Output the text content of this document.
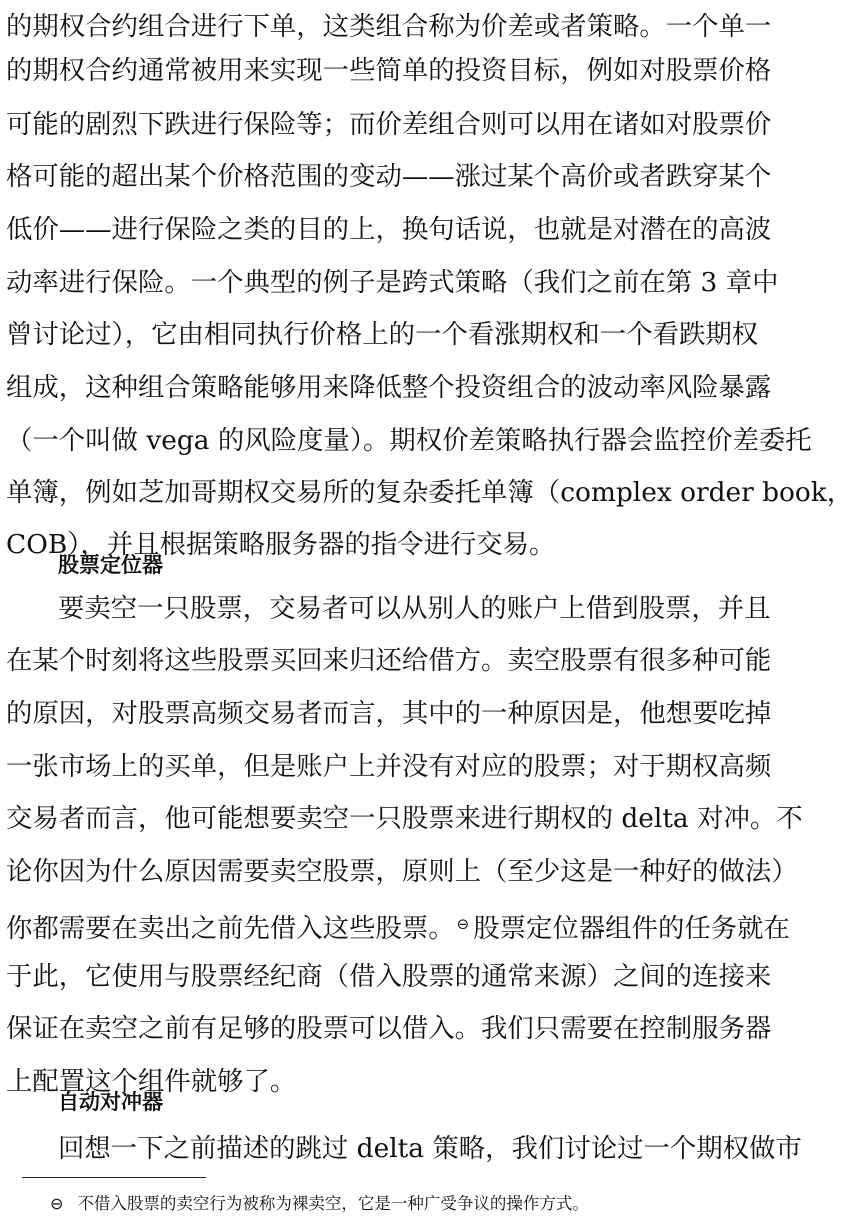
的期权合约组合进行下单，这类组合称为价差或者策略。一个单一
的期权合约通常被用来实现一些简单的投资目标，例如对股票价格
可能的剧烈下跌进行保险等；而价差组合则可以用在诸如对股票价
格可能的超出某个价格范围的变动——涨过某个高价或者跌穿某个
低价——进行保险之类的目的上，换句话说，也就是对潜在的高波
动率进行保险。一个典型的例子是跨式策略（我们之前在第 3 章中
曾讨论过），它由相同执行价格上的一个看涨期权和一个看跌期权
组成，这种组合策略能够用来降低整个投资组合的波动率风险暴露
（一个叫做 vega 的风险度量）。期权价差策略执行器会监控价差委托
单簿，例如芝加哥期权交易所的复杂委托单簿（complex order book，
COB），并且根据策略服务器的指令进行交易。
股票定位器
要卖空一只股票，交易者可以从别人的账户上借到股票，并且
在某个时刻将这些股票买回来归还给借方。卖空股票有很多种可能
的原因，对股票高频交易者而言，其中的一种原因是，他想要吃掉
一张市场上的买单，但是账户上并没有对应的股票；对于期权高频
交易者而言，他可能想要卖空一只股票来进行期权的 delta 对冲。不
论你因为什么原因需要卖空股票，原则上（至少这是一种好的做法）
你都需要在卖出之前先借入这些股票。 ⊖ 股票定位器组件的任务就在
于此，它使用与股票经纪商（借入股票的通常来源）之间的连接来
保证在卖空之前有足够的股票可以借入。我们只需要在控制服务器
上配置这个组件就够了。
自动对冲器
回想一下之前描述的跳过 delta 策略，我们讨论过一个期权做市
⊖ 不借入股票的卖空行为被称为裸卖空，它是一种广受争议的操作方式。
